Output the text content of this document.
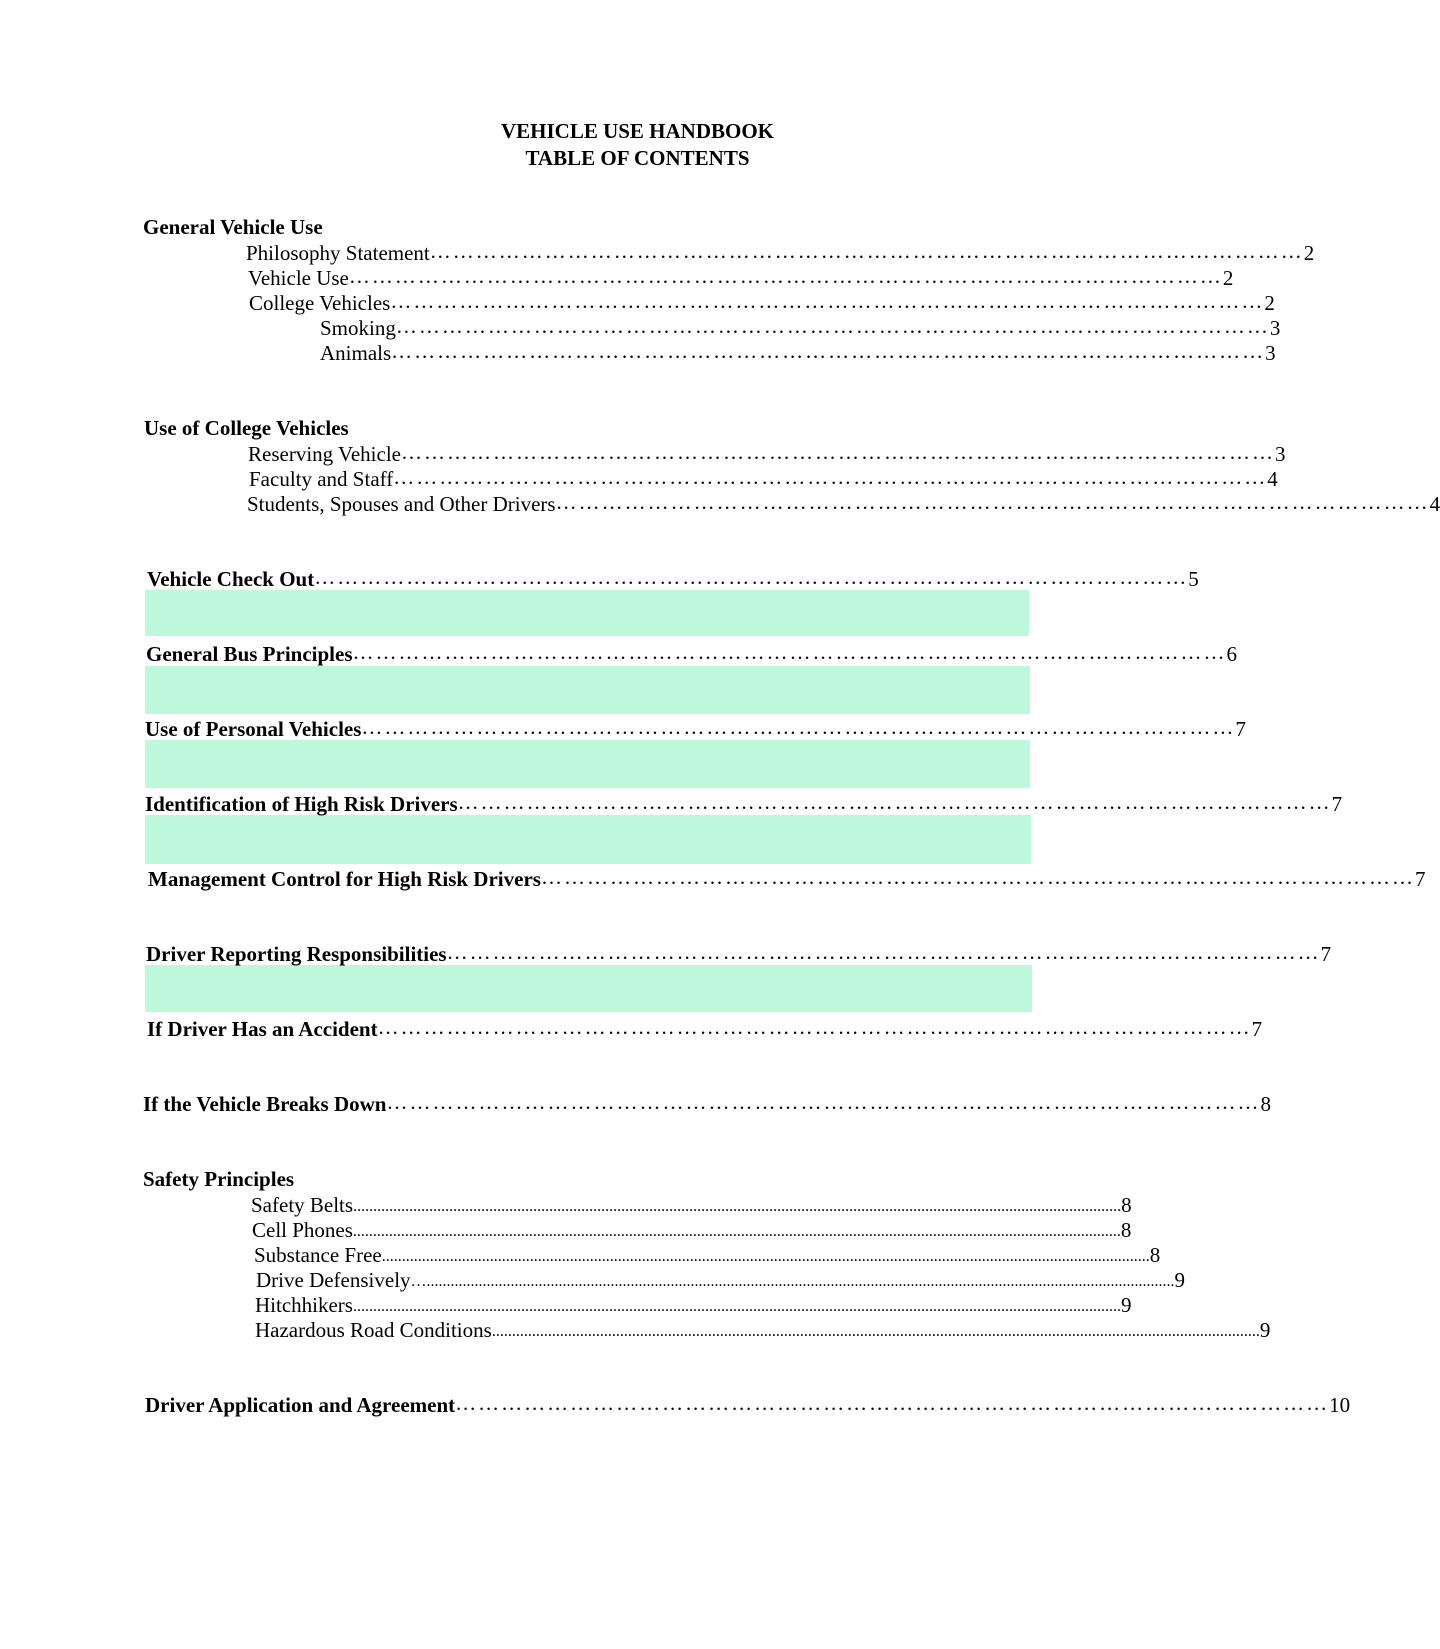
VEHICLE USE HANDBOOK
TABLE OF CONTENTS
General Vehicle Use
Philosophy Statement …………………………………………………………………………………………………… 2
Vehicle Use …………………………………………………………………………………………………… 2
College Vehicles …………………………………………………………………………………………………… 2
Smoking …………………………………………………………………………………………………… 3
Animals …………………………………………………………………………………………………… 3
Use of College Vehicles
Reserving Vehicle …………………………………………………………………………………………………… 3
Faculty and Staff …………………………………………………………………………………………………… 4
Students, Spouses and Other Drivers …………………………………………………………………………………………………… 4
Vehicle Check Out …………………………………………………………………………………………………… 5
General Bus Principles …………………………………………………………………………………………………… 6
Use of Personal Vehicles …………………………………………………………………………………………………… 7
Identification of High Risk Drivers …………………………………………………………………………………………………… 7
Management Control for High Risk Drivers …………………………………………………………………………………………………… 7
Driver Reporting Responsibilities …………………………………………………………………………………………………… 7
If Driver Has an Accident …………………………………………………………………………………………………… 7
If the Vehicle Breaks Down …………………………………………………………………………………………………… 8
Safety Principles
Safety Belts ................................................................................................................................................................................................ 8
Cell Phones ................................................................................................................................................................................................ 8
Substance Free ................................................................................................................................................................................................ 8
Drive Defensively …........................................................................................................................................................................................... 9
Hitchhikers ................................................................................................................................................................................................ 9
Hazardous Road Conditions ................................................................................................................................................................................................ 9
Driver Application and Agreement …………………………………………………………………………………………………… 10
